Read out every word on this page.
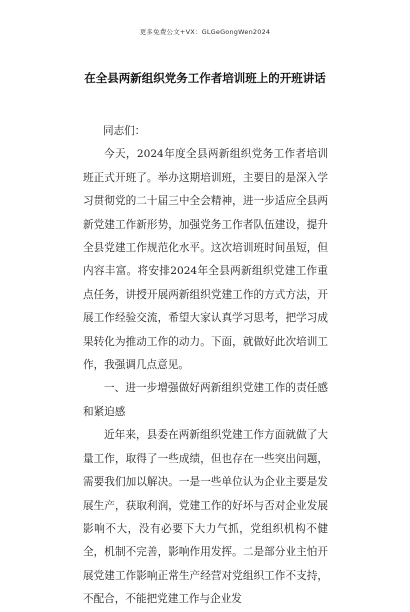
更多免费公文+VX：GLGeGongWen2024
在全县两新组织党务工作者培训班上的开班讲话

同志们：

今天，2024年度全县两新组织党务工作者培训班正式开班了。举办这期培训班，主要目的是深入学习贯彻党的二十届三中全会精神，进一步适应全县两新党建工作新形势，加强党务工作者队伍建设，提升全县党建工作规范化水平。这次培训班时间虽短，但内容丰富。将安排2024年全县两新组织党建工作重点任务，讲授开展两新组织党建工作的方式方法，开展工作经验交流，希望大家认真学习思考，把学习成果转化为推动工作的动力。下面，就做好此次培训工作，我强调几点意见。

一、进一步增强做好两新组织党建工作的责任感和紧迫感

近年来，县委在两新组织党建工作方面就做了大量工作，取得了一些成绩，但也存在一些突出问题，需要我们加以解决。一是一些单位认为企业主要是发展生产，获取利润，党建工作的好坏与否对企业发展影响不大，没有必要下大力气抓，党组织机构不健全，机制不完善，影响作用发挥。二是部分业主怕开展党建工作影响正常生产经营对党组织工作不支持，不配合，不能把党建工作与企业发
